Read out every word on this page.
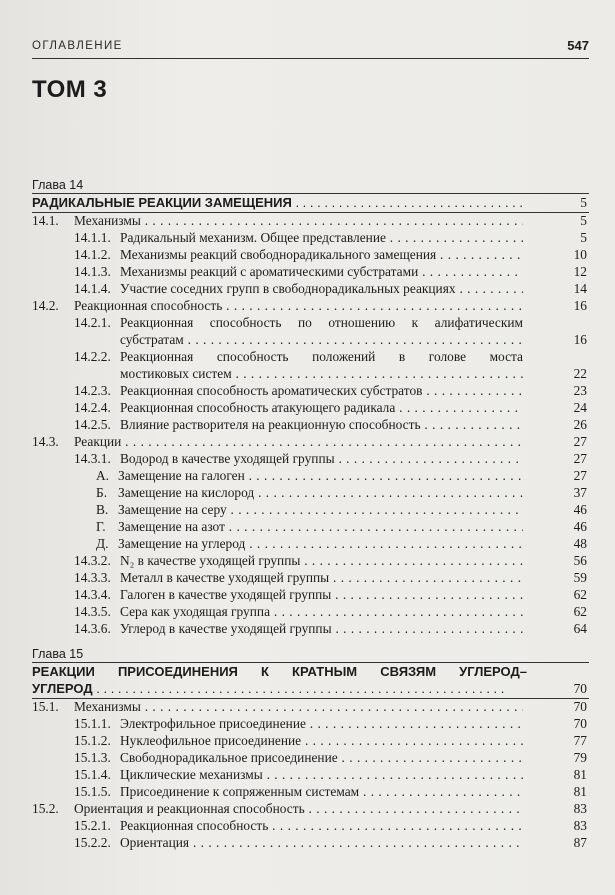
ОГЛАВЛЕНИЕ	547
ТОМ 3
Глава 14
РАДИКАЛЬНЫЕ РЕАКЦИИ ЗАМЕЩЕНИЯ . . .	5
14.1. Механизмы . . .	5
14.1.1. Радикальный механизм. Общее представление . . .	5
14.1.2. Механизмы реакций свободнорадикального замещения . . .	10
14.1.3. Механизмы реакций с ароматическими субстратами . . .	12
14.1.4. Участие соседних групп в свободнорадикальных реакциях . . .	14
14.2. Реакционная способность . . .	16
14.2.1. Реакционная способность по отношению к алифатическим
субстратам . . .	16
14.2.2. Реакционная способность положений в голове моста
мостиковых систем . . .	22
14.2.3. Реакционная способность ароматических субстратов . . .	23
14.2.4. Реакционная способность атакующего радикала . . .	24
14.2.5. Влияние растворителя на реакционную способность . . .	26
14.3. Реакции . . .	27
14.3.1. Водород в качестве уходящей группы . . .	27
А. Замещение на галоген . . .	27
Б. Замещение на кислород . . .	37
В. Замещение на серу . . .	46
Г. Замещение на азот . . .	46
Д. Замещение на углерод . . .	48
14.3.2. N₂ в качестве уходящей группы . . .	56
14.3.3. Металл в качестве уходящей группы . . .	59
14.3.4. Галоген в качестве уходящей группы . . .	62
14.3.5. Сера как уходящая группа . . .	62
14.3.6. Углерод в качестве уходящей группы . . .	64
Глава 15
РЕАКЦИИ ПРИСОЕДИНЕНИЯ К КРАТНЫМ СВЯЗЯМ УГЛЕРОД–
УГЛЕРОД . . .	70
15.1. Механизмы . . .	70
15.1.1. Электрофильное присоединение . . .	70
15.1.2. Нуклеофильное присоединение . . .	77
15.1.3. Свободнорадикальное присоединение . . .	79
15.1.4. Циклические механизмы . . .	81
15.1.5. Присоединение к сопряженным системам . . .	81
15.2. Ориентация и реакционная способность . . .	83
15.2.1. Реакционная способность . . .	83
15.2.2. Ориентация . . .	87
